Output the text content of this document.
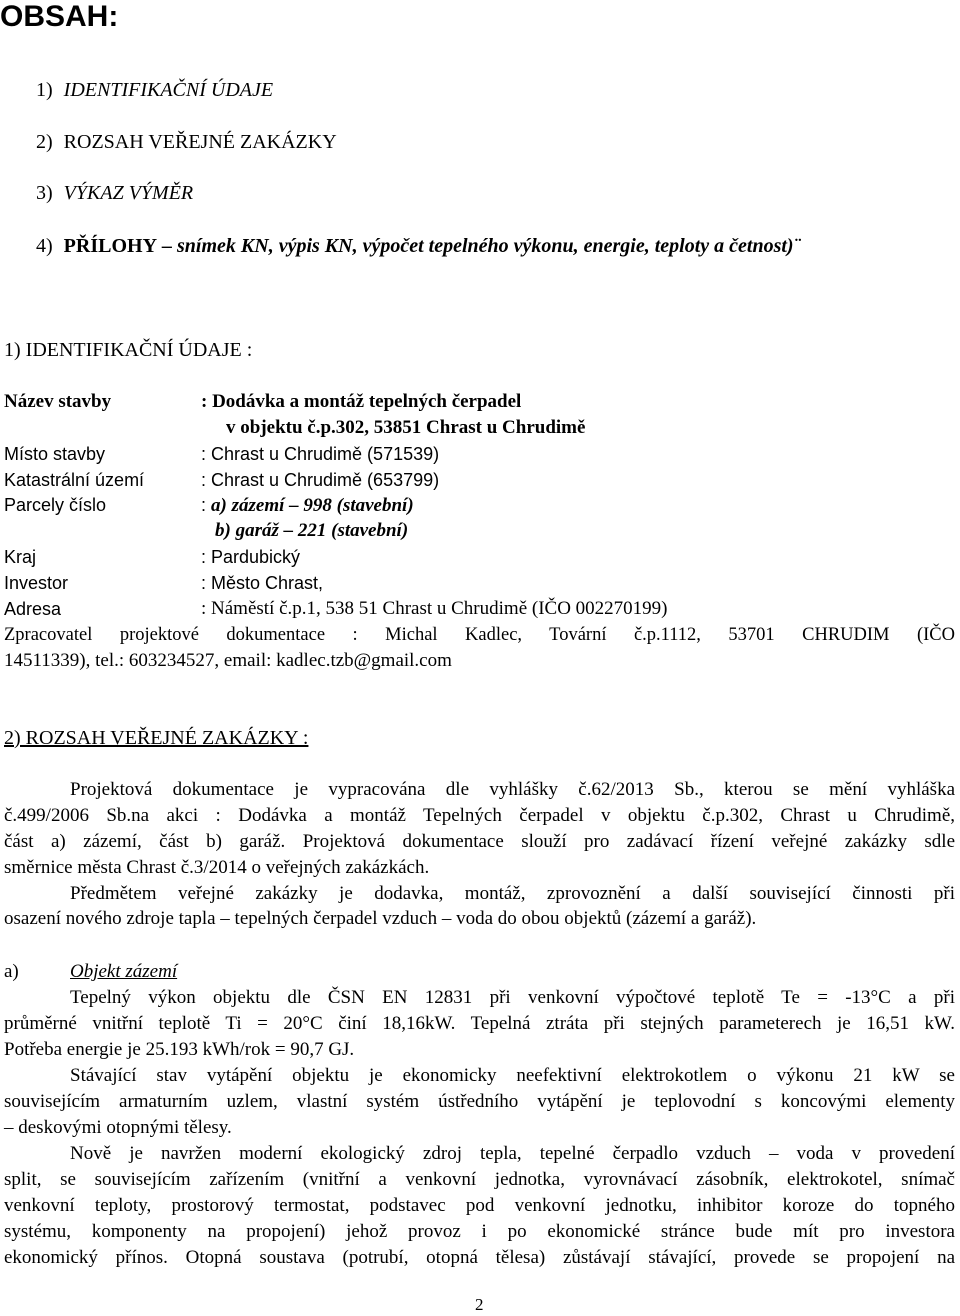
OBSAH:
1) IDENTIFIKAČNÍ ÚDAJE
2) ROZSAH VEŘEJNÉ ZAKÁZKY
3) VÝKAZ VÝMĚR
4) PŘÍLOHY – snímek KN, výpis KN, výpočet tepelného výkonu, energie, teploty a četnost)¨
1) IDENTIFIKAČNÍ ÚDAJE :
Název stavby	: Dodávka a montáž tepelných čerpadel
v objektu č.p.302, 53851 Chrast u Chrudimě
Místo stavby	: Chrast u Chrudimě (571539)
Katastrální území	: Chrast u Chrudimě (653799)
Parcely číslo	: a) zázemí – 998 (stavební)
b) garáž – 221 (stavební)
Kraj	: Pardubický
Investor	: Město Chrast,
Adresa	: Náměstí č.p.1, 538 51 Chrast u Chrudimě (IČO 002270199)
Zpracovatel projektové dokumentace : Michal Kadlec, Tovární č.p.1112, 53701 CHRUDIM (IČO
14511339), tel.: 603234527, email: kadlec.tzb@gmail.com
2) ROZSAH VEŘEJNÉ ZAKÁZKY :
Projektová dokumentace je vypracována dle vyhlášky č.62/2013 Sb., kterou se mění vyhláška
č.499/2006 Sb.na akci : Dodávka a montáž Tepelných čerpadel v objektu č.p.302, Chrast u Chrudimě,
část a) zázemí, část b) garáž. Projektová dokumentace slouží pro zadávací řízení veřejné zakázky sdle
směrnice města Chrast č.3/2014 o veřejných zakázkách.
Předmětem veřejné zakázky je dodavka, montáž, zprovoznění a další související činnosti při
osazení nového zdroje tapla – tepelných čerpadel vzduch – voda do obou objektů (zázemí a garáž).
a)	Objekt zázemí
Tepelný výkon objektu dle ČSN EN 12831 při venkovní výpočtové teplotě Te = -13°C a při
průměrné vnitřní teplotě Ti = 20°C činí 18,16kW. Tepelná ztráta při stejných parameterech je 16,51 kW.
Potřeba energie je 25.193 kWh/rok = 90,7 GJ.
Stávající stav vytápění objektu je ekonomicky neefektivní elektrokotlem o výkonu 21 kW se
souvisejícím armaturním uzlem, vlastní systém ústředního vytápění je teplovodní s koncovými elementy
– deskovými otopnými tělesy.
Nově je navržen moderní ekologický zdroj tepla, tepelné čerpadlo vzduch – voda v provedení
split, se souvisejícím zařízením (vnitřní a venkovní jednotka, vyrovnávací zásobník, elektrokotel, snímač
venkovní teploty, prostorový termostat, podstavec pod venkovní jednotku, inhibitor koroze do topného
systému, komponenty na propojení) jehož provoz i po ekonomické stránce bude mít pro investora
ekonomický přínos. Otopná soustava (potrubí, otopná tělesa) zůstávají stávající, provede se propojení na
2
